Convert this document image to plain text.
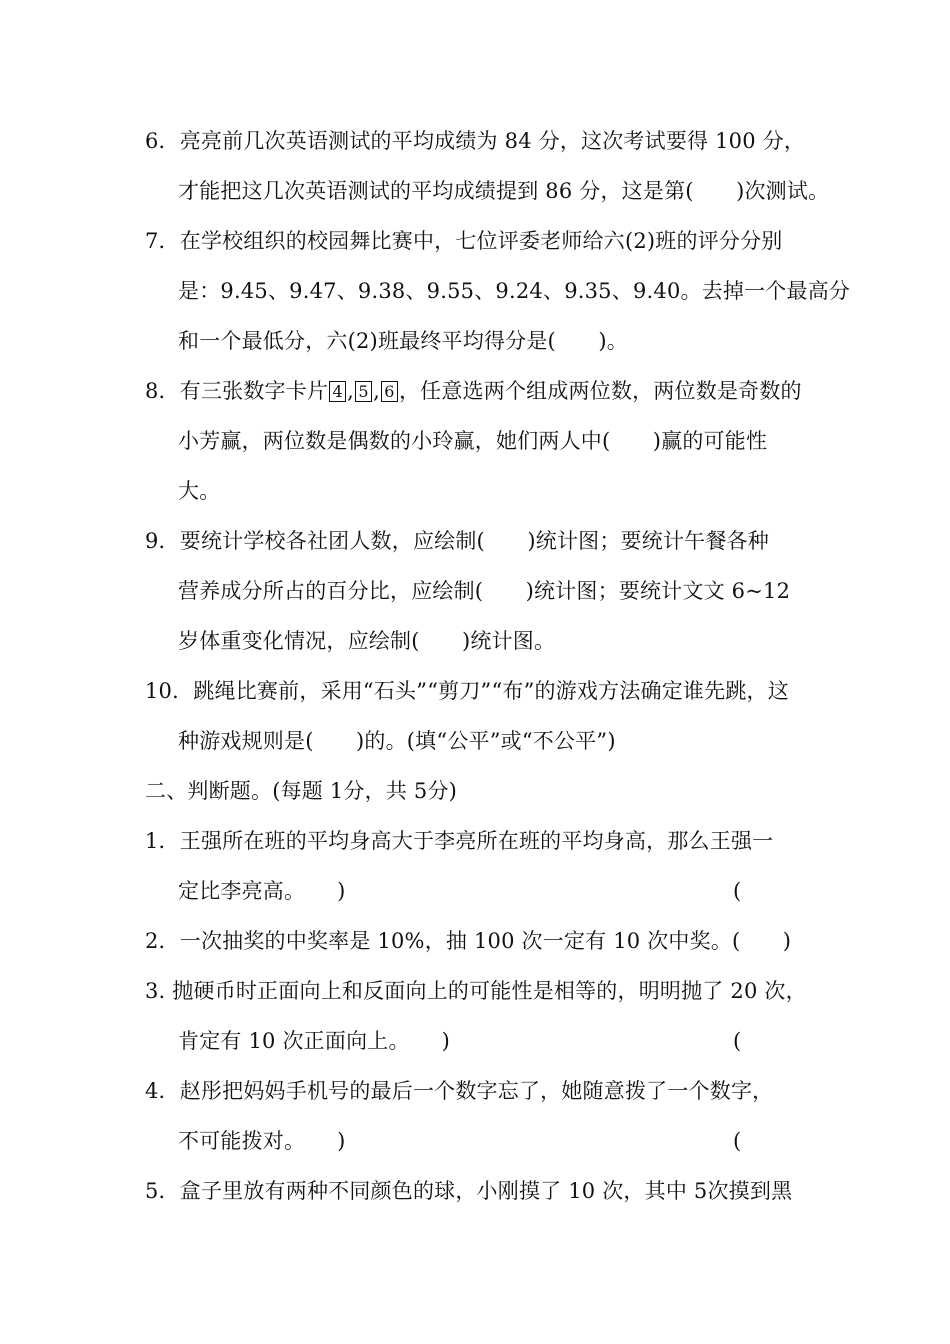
6．亮亮前几次英语测试的平均成绩为 84 分，这次考试要得 100 分，
才能把这几次英语测试的平均成绩提到 86 分，这是第(　　)次测试。
7．在学校组织的校园舞比赛中，七位评委老师给六(2)班的评分分别
是：9.45、9.47、9.38、9.55、9.24、9.35、9.40。去掉一个最高分
和一个最低分，六(2)班最终平均得分是(　　)。
8．有三张数字卡片 4 , 5 , 6 ，任意选两个组成两位数，两位数是奇数的
小芳赢，两位数是偶数的小玲赢，她们两人中(　　)赢的可能性
大。
9．要统计学校各社团人数，应绘制(　　)统计图；要统计午餐各种
营养成分所占的百分比，应绘制(　　)统计图；要统计文文 6~12
岁体重变化情况，应绘制(　　)统计图。
10．跳绳比赛前，采用“石头”“剪刀”“布”的游戏方法确定谁先跳，这
种游戏规则是(　　)的。(填“公平”或“不公平”)
二、判断题。(每题 1分，共 5分)
1．王强所在班的平均身高大于李亮所在班的平均身高，那么王强一
定比李亮高。　　)	(
2．一次抽奖的中奖率是 10%，抽 100 次一定有 10 次中奖。(　　)
3. 抛硬币时正面向上和反面向上的可能性是相等的，明明抛了 20 次，
肯定有 10 次正面向上。　　)	(
4．赵彤把妈妈手机号的最后一个数字忘了，她随意拨了一个数字，
不可能拨对。　　)	(
5．盒子里放有两种不同颜色的球，小刚摸了 10 次，其中 5次摸到黑
